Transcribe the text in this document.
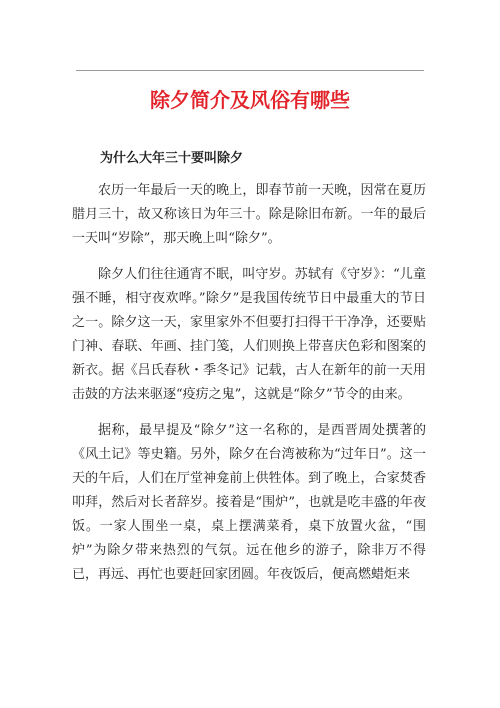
除夕简介及风俗有哪些
为什么大年三十要叫除夕

农历一年最后一天的晚上，即春节前一天晚，因常在夏历腊月三十，故又称该日为年三十。除是除旧布新。一年的最后一天叫“岁除”，那天晚上叫“除夕”。

除夕人们往往通宵不眠，叫守岁。苏轼有《守岁》：“儿童强不睡，相守夜欢哗。”除夕”是我国传统节日中最重大的节日之一。除夕这一天，家里家外不但要打扫得干干净净，还要贴门神、春联、年画、挂门笺，人们则换上带喜庆色彩和图案的新衣。据《吕氏春秋・季冬记》记载，古人在新年的前一天用击鼓的方法来驱逐“疫疠之鬼”，这就是“除夕”节令的由来。

据称，最早提及“除夕”这一名称的，是西晋周处撰著的《风土记》等史籍。另外，除夕在台湾被称为“过年日”。这一天的午后，人们在厅堂神龛前上供牲体。到了晚上，合家焚香叩拜，然后对长者辞岁。接着是“围炉”，也就是吃丰盛的年夜饭。一家人围坐一桌，桌上摆满菜肴，桌下放置火盆，“围炉”为除夕带来热烈的气氛。远在他乡的游子，除非万不得已，再远、再忙也要赶回家团圆。年夜饭后，便高燃蜡炬来
